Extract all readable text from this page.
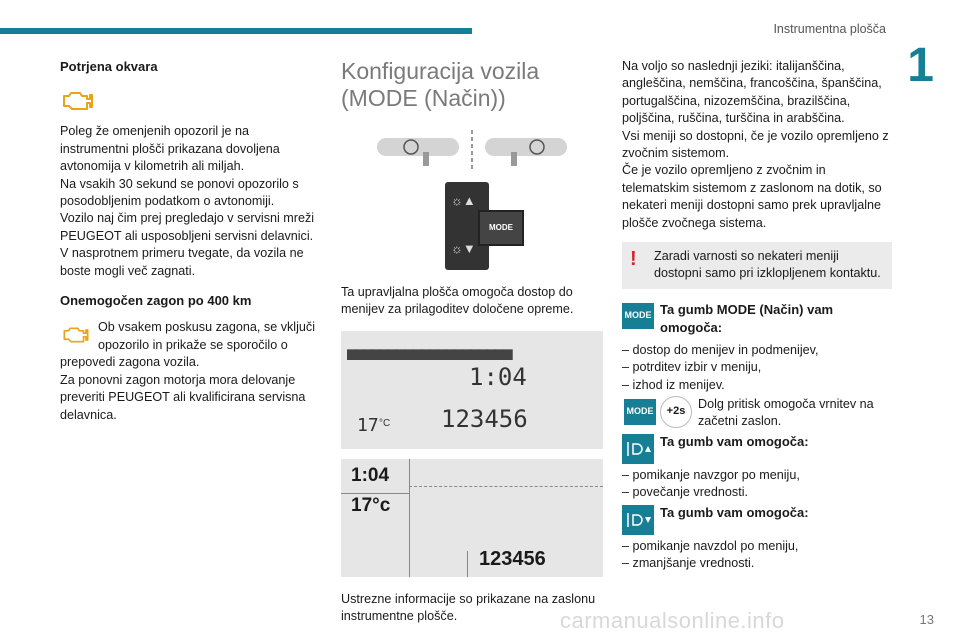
Instrumentna plošča
1
13
carmanualsonline.info

Potrjena okvara

Poleg že omenjenih opozoril je na instrumentni plošči prikazana dovoljena avtonomija v kilometrih ali miljah.

Na vsakih 30 sekund se ponovi opozorilo s posodobljenim podatkom o avtonomiji.

Vozilo naj čim prej pregledajo v servisni mreži PEUGEOT ali usposobljeni servisni delavnici.

V nasprotnem primeru tvegate, da vozila ne boste mogli več zagnati.

Onemogočen zagon po 400 km

Ob vsakem poskusu zagona, se vključi opozorilo in prikaže se sporočilo o prepovedi zagona vozila.

Za ponovni zagon motorja mora delovanje preveriti PEUGEOT ali kvalificirana servisna delavnica.

Konfiguracija vozila (MODE (Način))
☼▲
☼▼
MODE

Ta upravljalna plošča omogoča dostop do menijev za prilagoditev določene opreme.

▆▆▆▆▆▆▆▆▆▆▆▆▆▆▆▆▆▆▆▆
1:04
17 °C 123456
1:04
17°c
123456

Ustrezne informacije so prikazane na zaslonu instrumentne plošče.

Na voljo so naslednji jeziki: italijanščina, angleščina, nemščina, francoščina, španščina, portugalščina, nizozemščina, brazilščina, poljščina, ruščina, turščina in arabščina.

Vsi meniji so dostopni, če je vozilo opremljeno z zvočnim sistemom.

Če je vozilo opremljeno z zvočnim in telematskim sistemom z zaslonom na dotik, so nekateri meniji dostopni samo prek upravljalne plošče zvočnega sistema.

!	Zaradi varnosti so nekateri meniji dostopni samo pri izklopljenem kontaktu.
MODE Ta gumb MODE (Način) vam omogoča:
– dostop do menijev in podmenijev,
– potrditev izbir v meniju,
– izhod iz menijev.
MODE	+2s
Dolg pritisk omogoča vrnitev na začetni zaslon.
Ta gumb vam omogoča:
– pomikanje navzgor po meniju,
– povečanje vrednosti.
Ta gumb vam omogoča:
– pomikanje navzdol po meniju,
– zmanjšanje vrednosti.
